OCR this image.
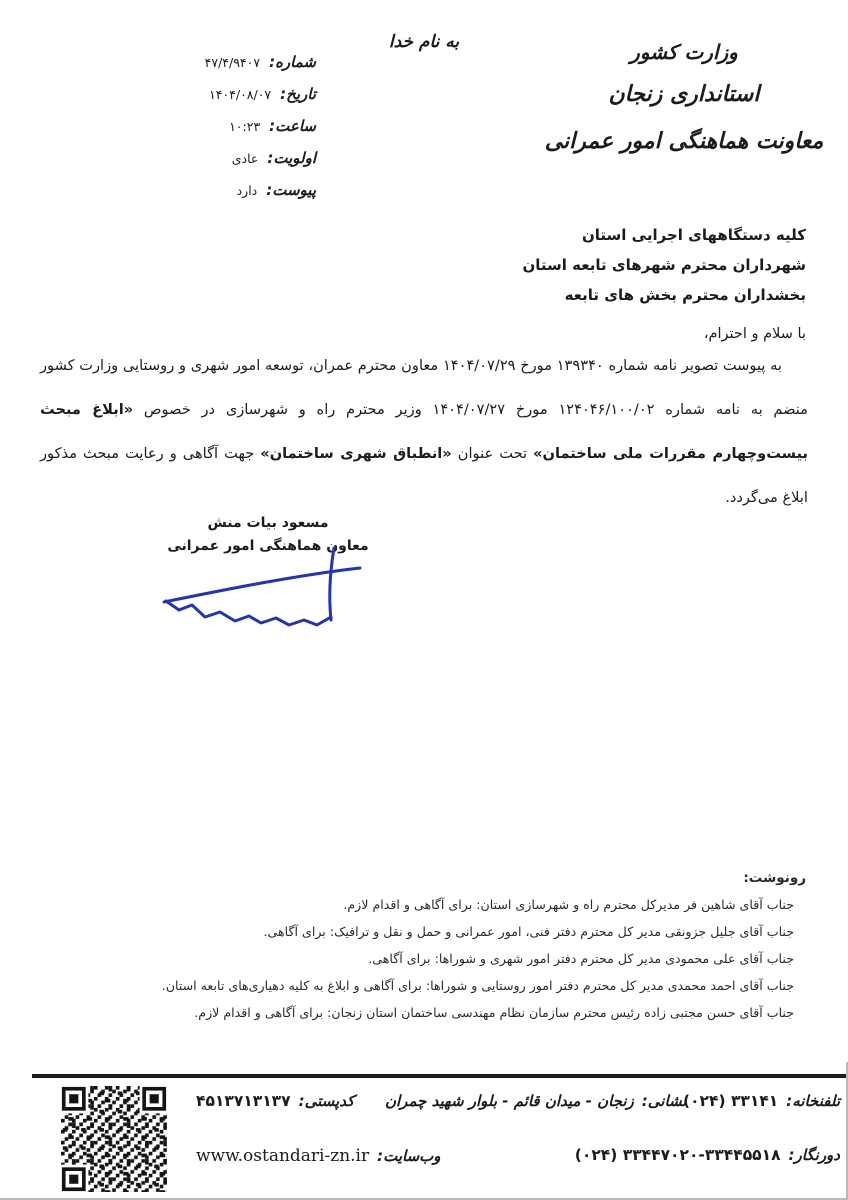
به نام خدا	وزارت کشور
استانداری زنجان
معاونت هماهنگی امور عمرانی
شماره:
۴۷/۴/۹۴۰۷
تاریخ:
۱۴۰۴/۰۸/۰۷
ساعت:
۱۰:۲۳
اولویت:
عادی
پیوست:
دارد
کلیه دستگاههای اجرایی استان
شهرداران محترم شهرهای تابعه استان
بخشداران محترم بخش های تابعه
با سلام و احترام،

به پیوست تصویر نامه شماره ۱۳۹۳۴۰ مورخ ۱۴۰۴/۰۷/۲۹ معاون محترم عمران، توسعه امور شهری و روستایی وزارت کشور منضم به نامه شماره ۱۲۴۰۴۶/۱۰۰/۰۲ مورخ ۱۴۰۴/۰۷/۲۷ وزیر محترم راه و شهرسازی در خصوص «ابلاغ مبحث بیست‌وچهارم مقررات ملی ساختمان» تحت عنوان «انطباق شهری ساختمان» جهت آگاهی و رعایت مبحث مذکور ابلاغ می‌گردد.

مسعود بیات منش
معاون هماهنگی امور عمرانی
رونوشت:
جناب آقای شاهین فر مدیرکل محترم راه و شهرسازی استان: برای آگاهی و اقدام لازم.
جناب آقای جلیل جزونقی مدیر کل محترم دفتر فنی، امور عمرانی و حمل و نقل و ترافیک: برای آگاهی.
جناب آقای علی محمودی مدیر کل محترم دفتر امور شهری و شوراها: برای آگاهی.
جناب آقای احمد محمدی مدیر کل محترم دفتر امور روستایی و شوراها: برای آگاهی و ابلاغ به کلیه دهیاری‌های تابعه استان.
جناب آقای حسن مجتبی زاده رئیس محترم سازمان نظام مهندسی ساختمان استان زنجان: برای آگاهی و اقدام لازم.
تلفنخانه:
(۰۲۴) ۳۳۱۴۱
نشانی:
زنجان - میدان قائم - بلوار شهید چمران
کدپستی:
۴۵۱۳۷۱۳۱۳۷
دورنگار:
(۰۲۴) ۳۳۴۴۷۰۲۰-۳۳۴۴۵۵۱۸
وب‌سایت:
www.ostandari-zn.ir
